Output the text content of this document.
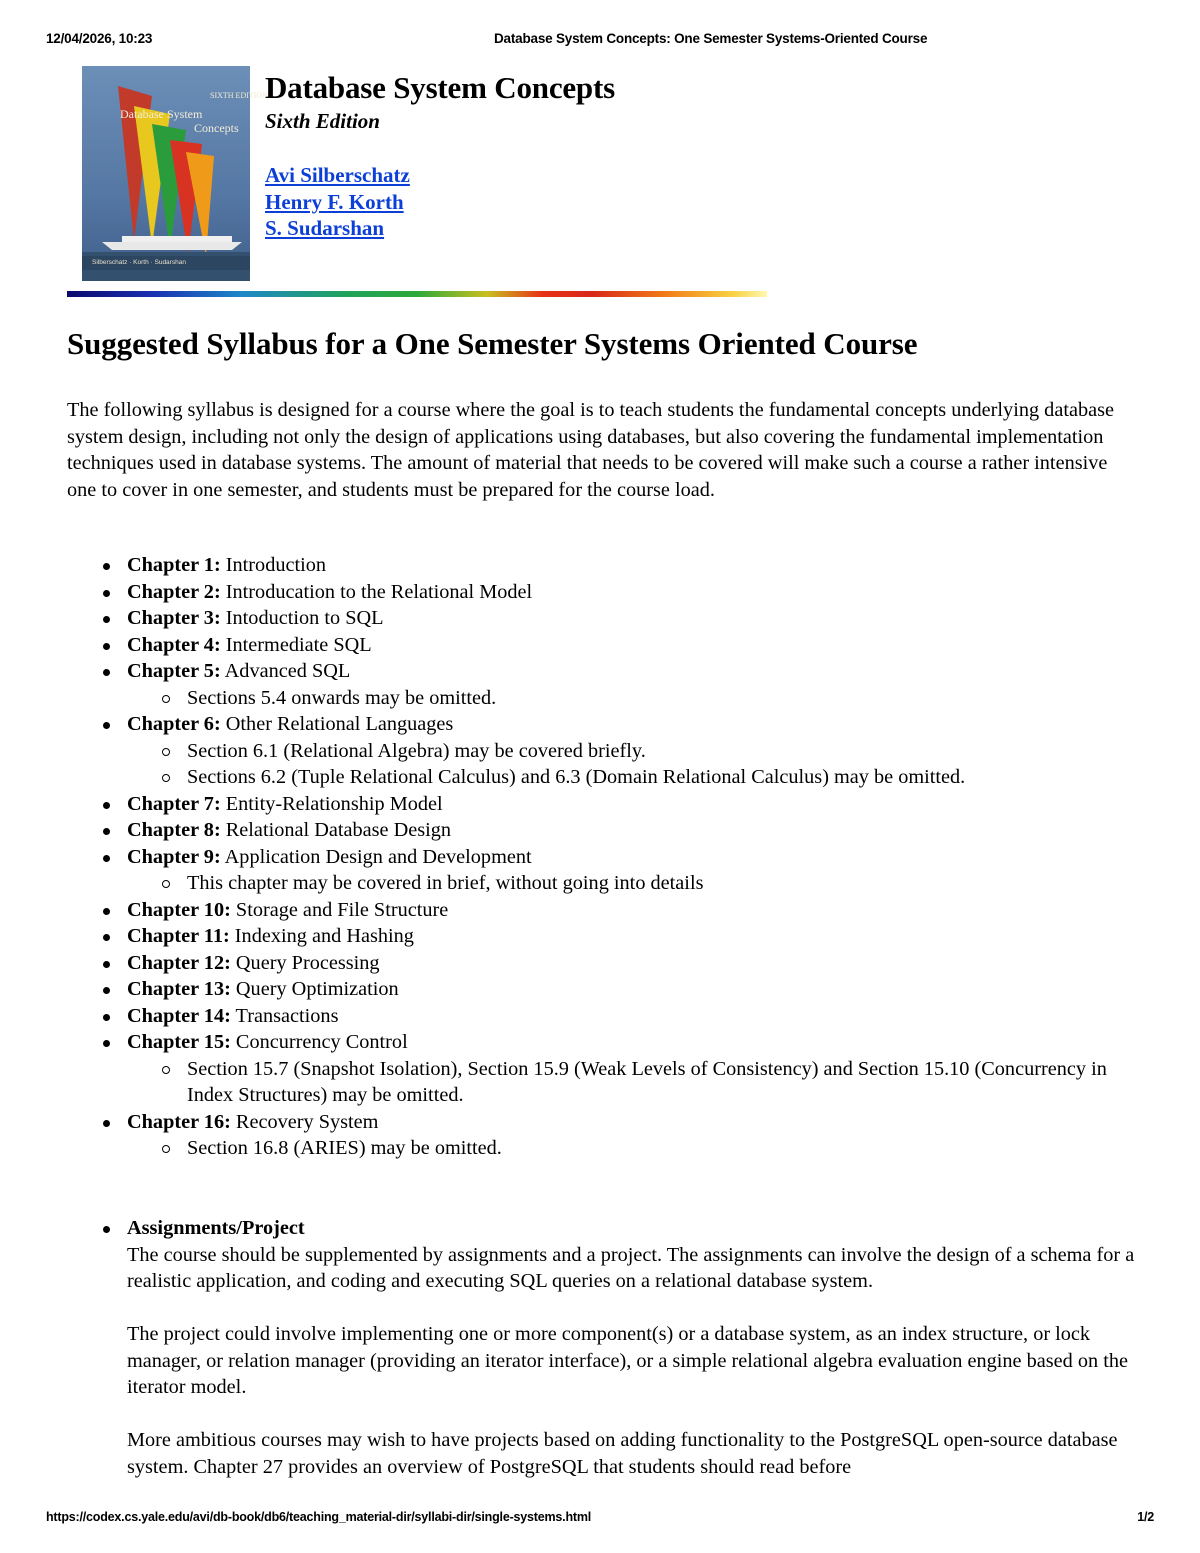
12/04/2026, 10:23	Database System Concepts: One Semester Systems-Oriented Course
SIXTH EDITION
Database System
Concepts
Silberschatz · Korth · Sudarshan
Database System Concepts
Sixth Edition
Avi Silberschatz
Henry F. Korth
S. Sudarshan
Suggested Syllabus for a One Semester Systems Oriented Course

The following syllabus is designed for a course where the goal is to teach students the fundamental concepts underlying database system design, including not only the design of applications using databases, but also covering the fundamental implementation techniques used in database systems. The amount of material that needs to be covered will make such a course a rather intensive one to cover in one semester, and students must be prepared for the course load.

Chapter 1: Introduction
Chapter 2: Introducation to the Relational Model
Chapter 3: Intoduction to SQL
Chapter 4: Intermediate SQL
Chapter 5: Advanced SQL
Sections 5.4 onwards may be omitted.
Chapter 6: Other Relational Languages
Section 6.1 (Relational Algebra) may be covered briefly.
Sections 6.2 (Tuple Relational Calculus) and 6.3 (Domain Relational Calculus) may be omitted.
Chapter 7: Entity-Relationship Model
Chapter 8: Relational Database Design
Chapter 9: Application Design and Development
This chapter may be covered in brief, without going into details
Chapter 10: Storage and File Structure
Chapter 11: Indexing and Hashing
Chapter 12: Query Processing
Chapter 13: Query Optimization
Chapter 14: Transactions
Chapter 15: Concurrency Control
Section 15.7 (Snapshot Isolation), Section 15.9 (Weak Levels of Consistency) and Section 15.10 (Concurrency in Index Structures) may be omitted.
Chapter 16: Recovery System
Section 16.8 (ARIES) may be omitted.
Assignments/Project

The course should be supplemented by assignments and a project. The assignments can involve the design of a schema for a realistic application, and coding and executing SQL queries on a relational database system.

The project could involve implementing one or more component(s) or a database system, as an index structure, or lock manager, or relation manager (providing an iterator interface), or a simple relational algebra evaluation engine based on the iterator model.

More ambitious courses may wish to have projects based on adding functionality to the PostgreSQL open-source database system. Chapter 27 provides an overview of PostgreSQL that students should read before

https://codex.cs.yale.edu/avi/db-book/db6/teaching_material-dir/syllabi-dir/single-systems.html	1/2
